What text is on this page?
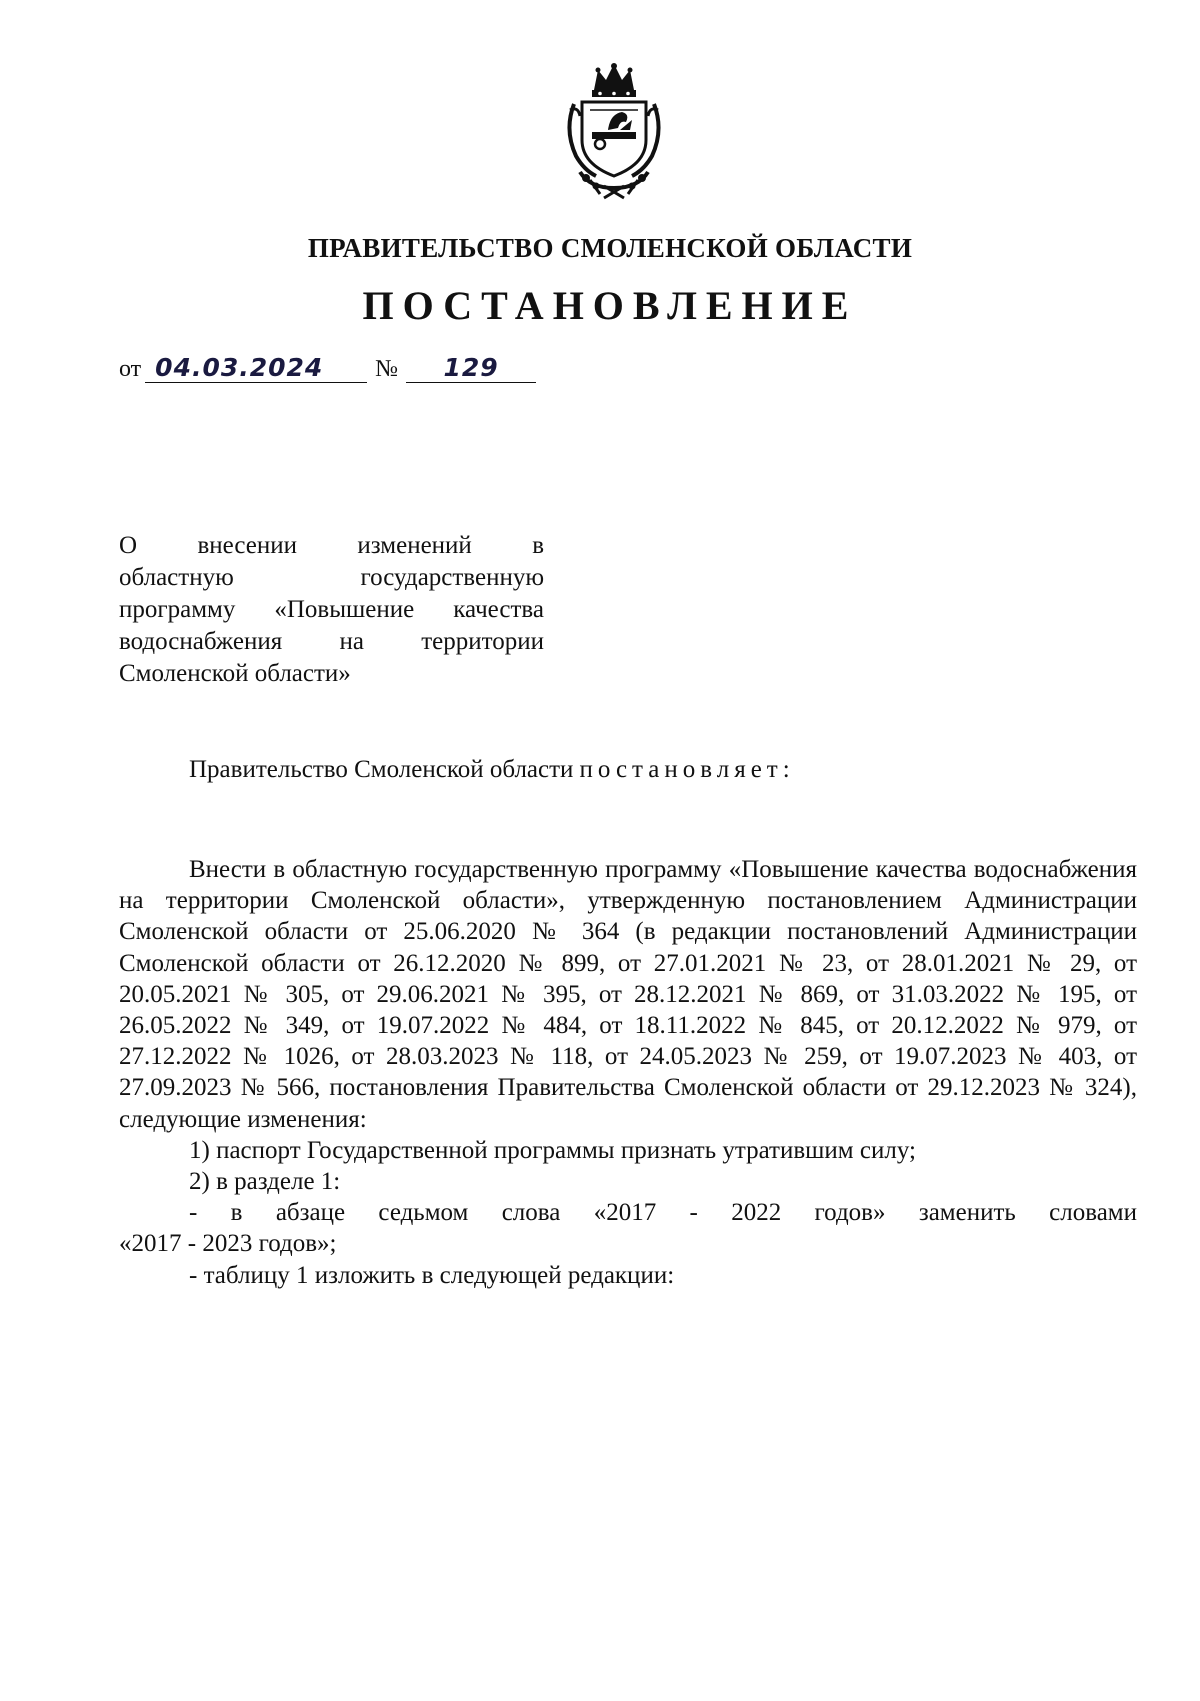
ПРАВИТЕЛЬСТВО СМОЛЕНСКОЙ ОБЛАСТИ
ПОСТАНОВЛЕНИЕ
от 04.03.2024 № 129
О внесении изменений в
областную государственную
программу «Повышение качества
водоснабжения на территории
Смоленской области»
Правительство Смоленской области постановляет:

Внести в областную государственную программу «Повышение качества водоснабжения на территории Смоленской области», утвержденную постановлением Администрации Смоленской области от 25.06.2020 № 364 (в редакции постановлений Администрации Смоленской области от 26.12.2020 № 899, от 27.01.2021 № 23, от 28.01.2021 № 29, от 20.05.2021 № 305, от 29.06.2021 № 395, от 28.12.2021 № 869, от 31.03.2022 № 195, от 26.05.2022 № 349, от 19.07.2022 № 484, от 18.11.2022 № 845, от 20.12.2022 № 979, от 27.12.2022 № 1026, от 28.03.2023 № 118, от 24.05.2023 № 259, от 19.07.2023 № 403, от 27.09.2023 № 566, постановления Правительства Смоленской области от 29.12.2023 № 324), следующие изменения:

1) паспорт Государственной программы признать утратившим силу;
2) в разделе 1:
- в абзаце седьмом слова «2017 - 2022 годов» заменить словами
«2017 - 2023 годов»;
- таблицу 1 изложить в следующей редакции:
